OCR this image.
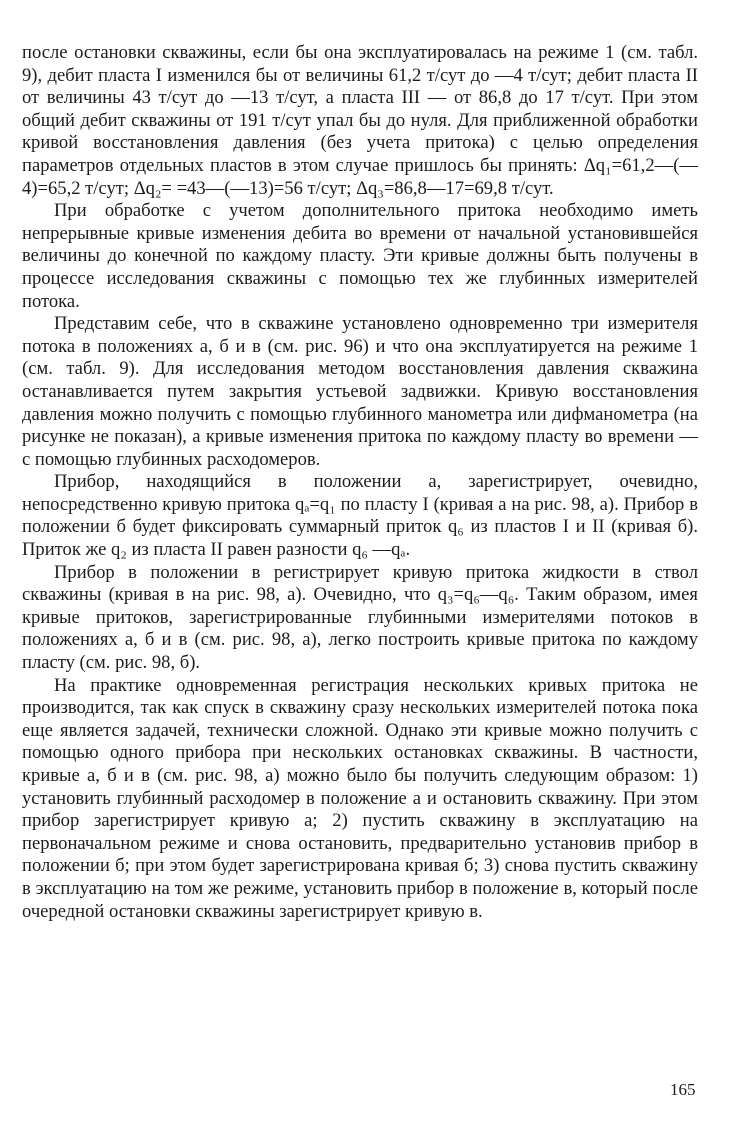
после остановки скважины, если бы она эксплуатировалась на режиме 1 (см. табл. 9), дебит пласта I изменился бы от величины 61,2 т/сут до —4 т/сут; дебит пласта II от величины 43 т/сут до —13 т/сут, а пласта III — от 86,8 до 17 т/сут. При этом общий дебит скважины от 191 т/сут упал бы до нуля. Для приближенной обработки кривой восстановления давления (без учета притока) с целью определения параметров отдельных пластов в этом случае пришлось бы принять: Δq₁=61,2—(—4)=65,2 т/сут; Δq₂= =43—(—13)=56 т/сут; Δq₃=86,8—17=69,8 т/сут.

При обработке с учетом дополнительного притока необходимо иметь непрерывные кривые изменения дебита во времени от начальной установившейся величины до конечной по каждому пласту. Эти кривые должны быть получены в процессе исследования скважины с помощью тех же глубинных измерителей потока.

Представим себе, что в скважине установлено одновременно три измерителя потока в положениях а, б и в (см. рис. 96) и что она эксплуатируется на режиме 1 (см. табл. 9). Для исследования методом восстановления давления скважина останавливается путем закрытия устьевой задвижки. Кривую восстановления давления можно получить с помощью глубинного манометра или дифманометра (на рисунке не показан), а кривые изменения притока по каждому пласту во времени — с помощью глубинных расходомеров.

Прибор, находящийся в положении а, зарегистрирует, очевидно, непосредственно кривую притока qₐ=q₁ по пласту I (кривая а на рис. 98, а). Прибор в положении б будет фиксировать суммарный приток q₆ из пластов I и II (кривая б). Приток же q₂ из пласта II равен разности q₆ —qₐ.

Прибор в положении в регистрирует кривую притока жидкости в ствол скважины (кривая в на рис. 98, а). Очевидно, что q₃=q₆—q₆. Таким образом, имея кривые притоков, зарегистрированные глубинными измерителями потоков в положениях а, б и в (см. рис. 98, а), легко построить кривые притока по каждому пласту (см. рис. 98, б).

На практике одновременная регистрация нескольких кривых притока не производится, так как спуск в скважину сразу нескольких измерителей потока пока еще является задачей, технически сложной. Однако эти кривые можно получить с помощью одного прибора при нескольких остановках скважины. В частности, кривые а, б и в (см. рис. 98, а) можно было бы получить следующим образом: 1) установить глубинный расходомер в положение а и остановить скважину. При этом прибор зарегистрирует кривую а; 2) пустить скважину в эксплуатацию на первоначальном режиме и снова остановить, предварительно установив прибор в положении б; при этом будет зарегистрирована кривая б; 3) снова пустить скважину в эксплуатацию на том же режиме, установить прибор в положение в, который после очередной остановки скважины зарегистрирует кривую в.

165
